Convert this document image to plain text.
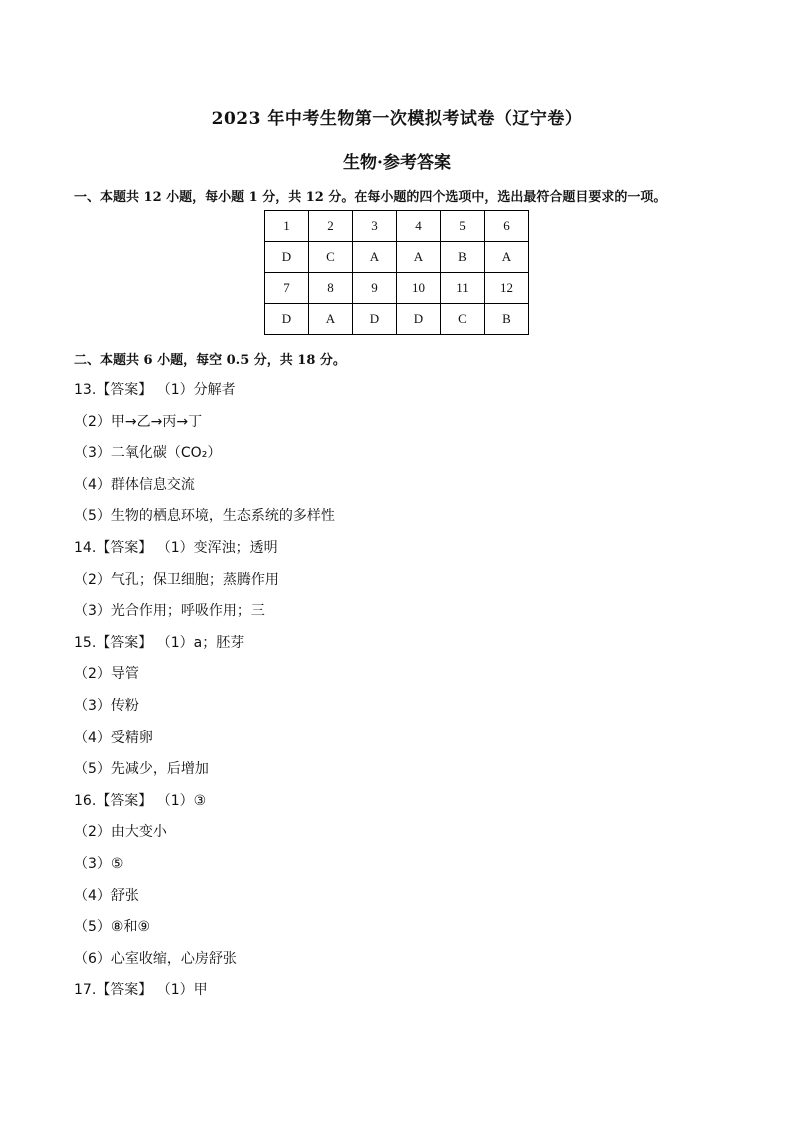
2023 年中考生物第一次模拟考试卷（辽宁卷）
生物·参考答案
一、本题共 12 小题，每小题 1 分，共 12 分。在每小题的四个选项中，选出最符合题目要求的一项。
1	2	3	4	5	6
D	C	A	A	B	A
7	8	9	10	11	12
D	A	D	D	C	B
二、本题共 6 小题，每空 0.5 分，共 18 分。
13.【答案】 （1）分解者
（2）甲→乙→丙→丁
（3）二氧化碳（CO₂）
（4）群体信息交流
（5）生物的栖息环境，生态系统的多样性
14.【答案】 （1）变浑浊；透明
（2）气孔；保卫细胞；蒸腾作用
（3）光合作用；呼吸作用；三
15.【答案】 （1）a；胚芽
（2）导管
（3）传粉
（4）受精卵
（5）先减少，后增加
16.【答案】 （1）③
（2）由大变小
（3）⑤
（4）舒张
（5）⑧和⑨
（6）心室收缩，心房舒张
17.【答案】 （1）甲
